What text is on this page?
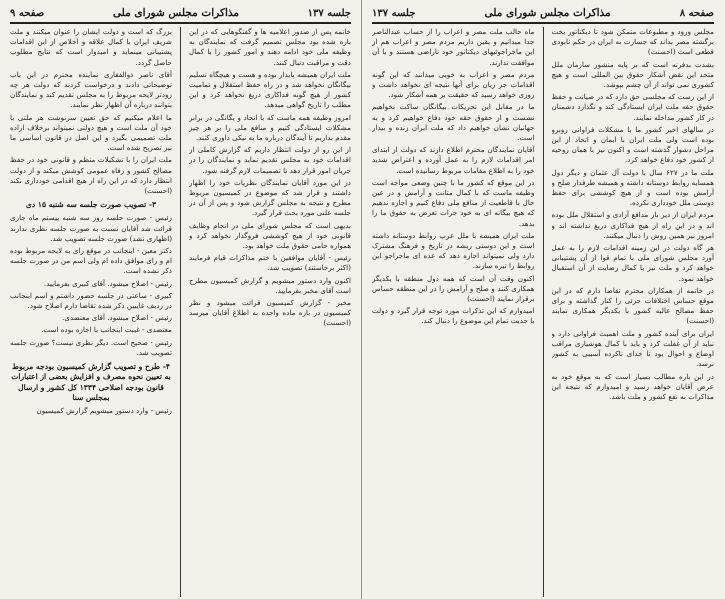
جلسه ۱۳۷
مذاکرات مجلس شورای ملی
صفحه ۹

خاتمه پس از صدور اعلامیه ها و گفتگوهایی که در این باره شده بود مجلس تصمیم گرفت که نمایندگان به وظیفه ملی خود ادامه دهند و امور کشور را با کمال دقت و مراقبت دنبال کنند.

ملت ایران همیشه پایدار بوده و هست و هیچگاه تسلیم بیگانگان نخواهد شد و در راه حفظ استقلال و تمامیت کشور از هیچ گونه فداکاری دریغ نخواهد کرد و این مطلب را تاریخ گواهی میدهد.

امروز وظیفه همه ماست که با اتحاد و یگانگی در برابر مشکلات ایستادگی کنیم و منافع ملی را بر هر چیز مقدم بداریم تا آیندگان درباره ما به نیکی داوری کنند.

از این رو از دولت انتظار داریم که گزارش کاملی از اقدامات خود به مجلس تقدیم نماید و نمایندگان را در جریان امور قرار دهد تا تصمیمات لازم گرفته شود.

در این مورد آقایان نمایندگان نظریات خود را اظهار داشتند و قرار شد که موضوع در کمیسیون مربوط مطرح و نتیجه به مجلس گزارش شود و پس از آن در جلسه علنی مورد بحث قرار گیرد.

بدیهی است که مجلس شورای ملی در انجام وظایف قانونی خود از هیچ کوششی فروگذار نخواهد کرد و همواره حامی حقوق ملت خواهد بود.

رئیس - آقایان موافقین با ختم مذاکرات قیام فرمایند (اکثر برخاستند) تصویب شد.

اکنون وارد دستور میشویم و گزارش کمیسیون مطرح است آقای مخبر بفرمایید.

مخبر - گزارش کمیسیون قرائت میشود و نظر کمیسیون در باره ماده واحده به اطلاع آقایان میرسد (احسنت)

بزرگ که است و دولت ایشان را عنوان میکنند و ملت شریف ایران با کمال علاقه و اخلاص از این اقدامات پشتیبانی مینماید و امیدوار است که نتایج مطلوب حاصل گردد.

آقای ناصر ذوالفقاری نماینده محترم در این باب توضیحاتی دادند و درخواست کردند که دولت هر چه زودتر لایحه مربوط را به مجلس تقدیم کند و نمایندگان بتوانند درباره آن اظهار نظر نمایند.

ما اعلام میکنیم که حق تعیین سرنوشت هر ملتی با خود آن ملت است و هیچ دولتی نمیتواند برخلاف اراده ملت تصمیمی بگیرد و این اصل در قانون اساسی ما نیز تصریح شده است.

ملت ایران را با تشکیلات منظم و قانونی خود در حفظ مصالح کشور و رفاه عمومی کوشش میکند و از دولت انتظار دارد که در این راه از هیچ اقدامی خودداری نکند (احسنت)

۳- تصویب صورت جلسه سه شنبه ۱۵ دی

رئیس - صورت جلسه روز سه شنبه بیستم ماه جاری قرائت شد آقایان نسبت به صورت جلسه نظری ندارند (اظهاری نشد) صورت جلسه تصویب شد.

دکتر معین - اینجانب در موقع رای به لایحه مربوط بوده ام و رای موافق داده ام ولی اسم من در صورت جلسه ذکر نشده است.

رئیس - اصلاح میشود. آقای کبیری بفرمایید.

کبیری - ساعتی در جلسه حضور داشتم و اسم اینجانب در ردیف غایبین ذکر شده تقاضا دارم اصلاح شود.

رئیس - اصلاح میشود. آقای معتضدی.

معتضدی - غیبت اینجانب با اجازه بوده است.

رئیس - صحیح است. دیگر نظری نیست؟ صورت جلسه تصویب شد.

۴- طرح و تصویب گزارش کمیسیون بودجه مربوط به تعیین نحوه مصرف و افزایش بعضی از اعتبارات قانون بودجه اصلاحی ۱۳۳۴ کل کشور و ارسال بمجلس سنا

رئیس - وارد دستور میشویم گزارش کمیسیون

صفحه ۸
مذاکرات مجلس شورای ملی
جلسه ۱۳۷

مجلس ورود و مطبوعات متمکن شود تا دیکتاتور بخت برگشته مصر بداند که جسارت به ایران در حکم نابودی قطعی است (احسنت)

بشدت بدفرنه است که بر پایه منشور سازمان ملل متحد این نقض آشکار حقوق بین المللی است و هیچ کشوری نمی تواند از آن چشم بپوشد.

از این رست که مجلسی حق دارد که در صیانت و حفظ حقوق حقه ملت ایران ایستادگی کند و نگذارد دشمنان در کار کشور مداخله نمایند.

در سالهای اخیر کشور ما با مشکلات فراوانی روبرو بوده است ولی ملت ایران با ایمان و اتحاد از این مراحل دشوار گذشته است و اکنون نیز با همان روحیه از کشور خود دفاع خواهد کرد.

ملت ما در ۶۲۷ سال با دولت آل عثمان و دیگر دول همسایه روابط دوستانه داشته و همیشه طرفدار صلح و آرامش بوده است و از هیچ کوششی برای حفظ دوستی ملل خودداری نکرده.

مردم ایران از دیر باز مدافع آزادی و استقلال ملل بوده اند و در این راه از هیچ فداکاری دریغ نداشته اند و امروز نیز همین روش را دنبال میکنند.

هر گاه دولت در این زمینه اقدامات لازم را به عمل آورد مجلس شورای ملی با تمام قوا از آن پشتیبانی خواهد کرد و ملت نیز با کمال رضایت از آن استقبال خواهد نمود.

در خاتمه از همکاران محترم تقاضا دارم که در این موقع حساس اختلافات جزئی را کنار گذاشته و برای حفظ مصالح عالیه کشور با یکدیگر همکاری نمایند (احسنت)

ایران برای آینده کشور و ملت اهمیت فراوانی دارد و نباید از آن غفلت کرد و باید با کمال هوشیاری مراقب اوضاع و احوال بود تا خدای ناکرده آسیبی به کشور نرسد.

در این باره مطالب بسیار است که به موقع خود به عرض آقایان خواهد رسید و امیدوارم که نتیجه این مذاکرات به نفع کشور و ملت باشد.

ماه حالب ملت مصر و اعراب را از حساب عبدالناصر جدا میدانیم و یقین داریم مردم مصر و اعراب هم از این ماجراجوئیهای دیکتاتور خود ناراضی هستند و با آن موافقت ندارند.

مردم مصر و اعراب به خوبی میدانند که این گونه اقدامات جز زیان برای آنها نتیجه ای نخواهد داشت و روزی خواهد رسید که حقیقت بر همه آشکار شود.

ما در مقابل این تحریکات بیگانگان ساکت نخواهیم نشست و از حقوق حقه خود دفاع خواهیم کرد و به جهانیان نشان خواهیم داد که ملت ایران زنده و بیدار است.

آقایان نمایندگان محترم اطلاع دارند که دولت از ابتدای امر اقدامات لازم را به عمل آورده و اعتراض شدید خود را به اطلاع مقامات مربوط رسانیده است.

در این موقع که کشور ما با چنین وضعی مواجه است وظیفه ماست که با کمال متانت و آرامش و در عین حال با قاطعیت از منافع ملی دفاع کنیم و اجازه ندهیم که هیچ بیگانه ای به خود جرات تعرض به حقوق ما را بدهد.

ملت ایران همیشه با ملل عرب روابط دوستانه داشته است و این دوستی ریشه در تاریخ و فرهنگ مشترک دارد ولی نمیتواند اجازه دهد که عده ای ماجراجو این روابط را تیره سازند.

اکنون وقت آن است که همه دول منطقه با یکدیگر همکاری کنند و صلح و آرامش را در این منطقه حساس برقرار نمایند (احسنت)

امیدوارم که این تذکرات مورد توجه قرار گیرد و دولت با جدیت تمام این موضوع را دنبال کند.
